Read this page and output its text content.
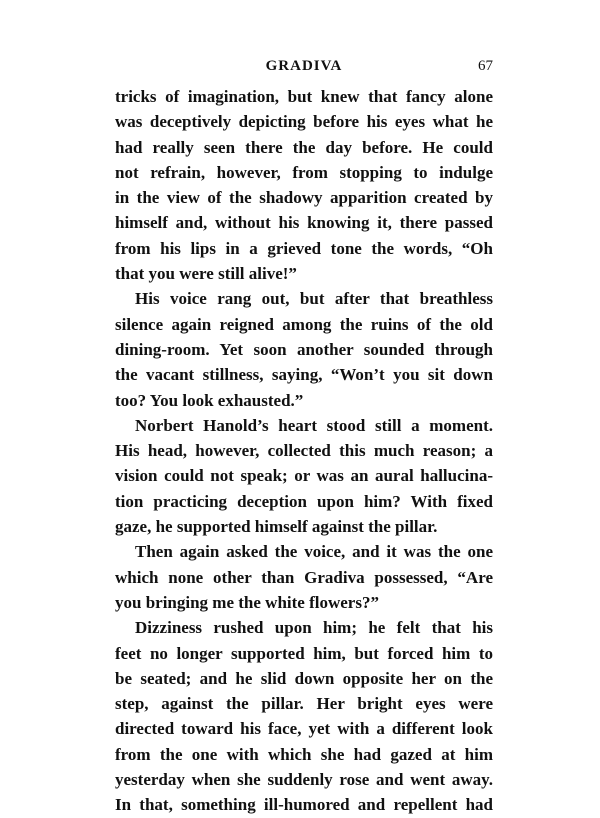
GRADIVA	67
tricks of imagination, but knew that fancy alone
was deceptively depicting before his eyes what he
had really seen there the day before. He could
not refrain, however, from stopping to indulge
in the view of the shadowy apparition created by
himself and, without his knowing it, there passed
from his lips in a grieved tone the words, “Oh
that you were still alive!”
His voice rang out, but after that breathless
silence again reigned among the ruins of the old
dining-room. Yet soon another sounded through
the vacant stillness, saying, “Won’t you sit down
too? You look exhausted.”
Norbert Hanold’s heart stood still a moment.
His head, however, collected this much reason; a
vision could not speak; or was an aural hallucina-
tion practicing deception upon him? With fixed
gaze, he supported himself against the pillar.
Then again asked the voice, and it was the one
which none other than Gradiva possessed, “Are
you bringing me the white flowers?”
Dizziness rushed upon him; he felt that his
feet no longer supported him, but forced him to
be seated; and he slid down opposite her on the
step, against the pillar. Her bright eyes were
directed toward his face, yet with a different look
from the one with which she had gazed at him
yesterday when she suddenly rose and went away.
In that, something ill-humored and repellent had
